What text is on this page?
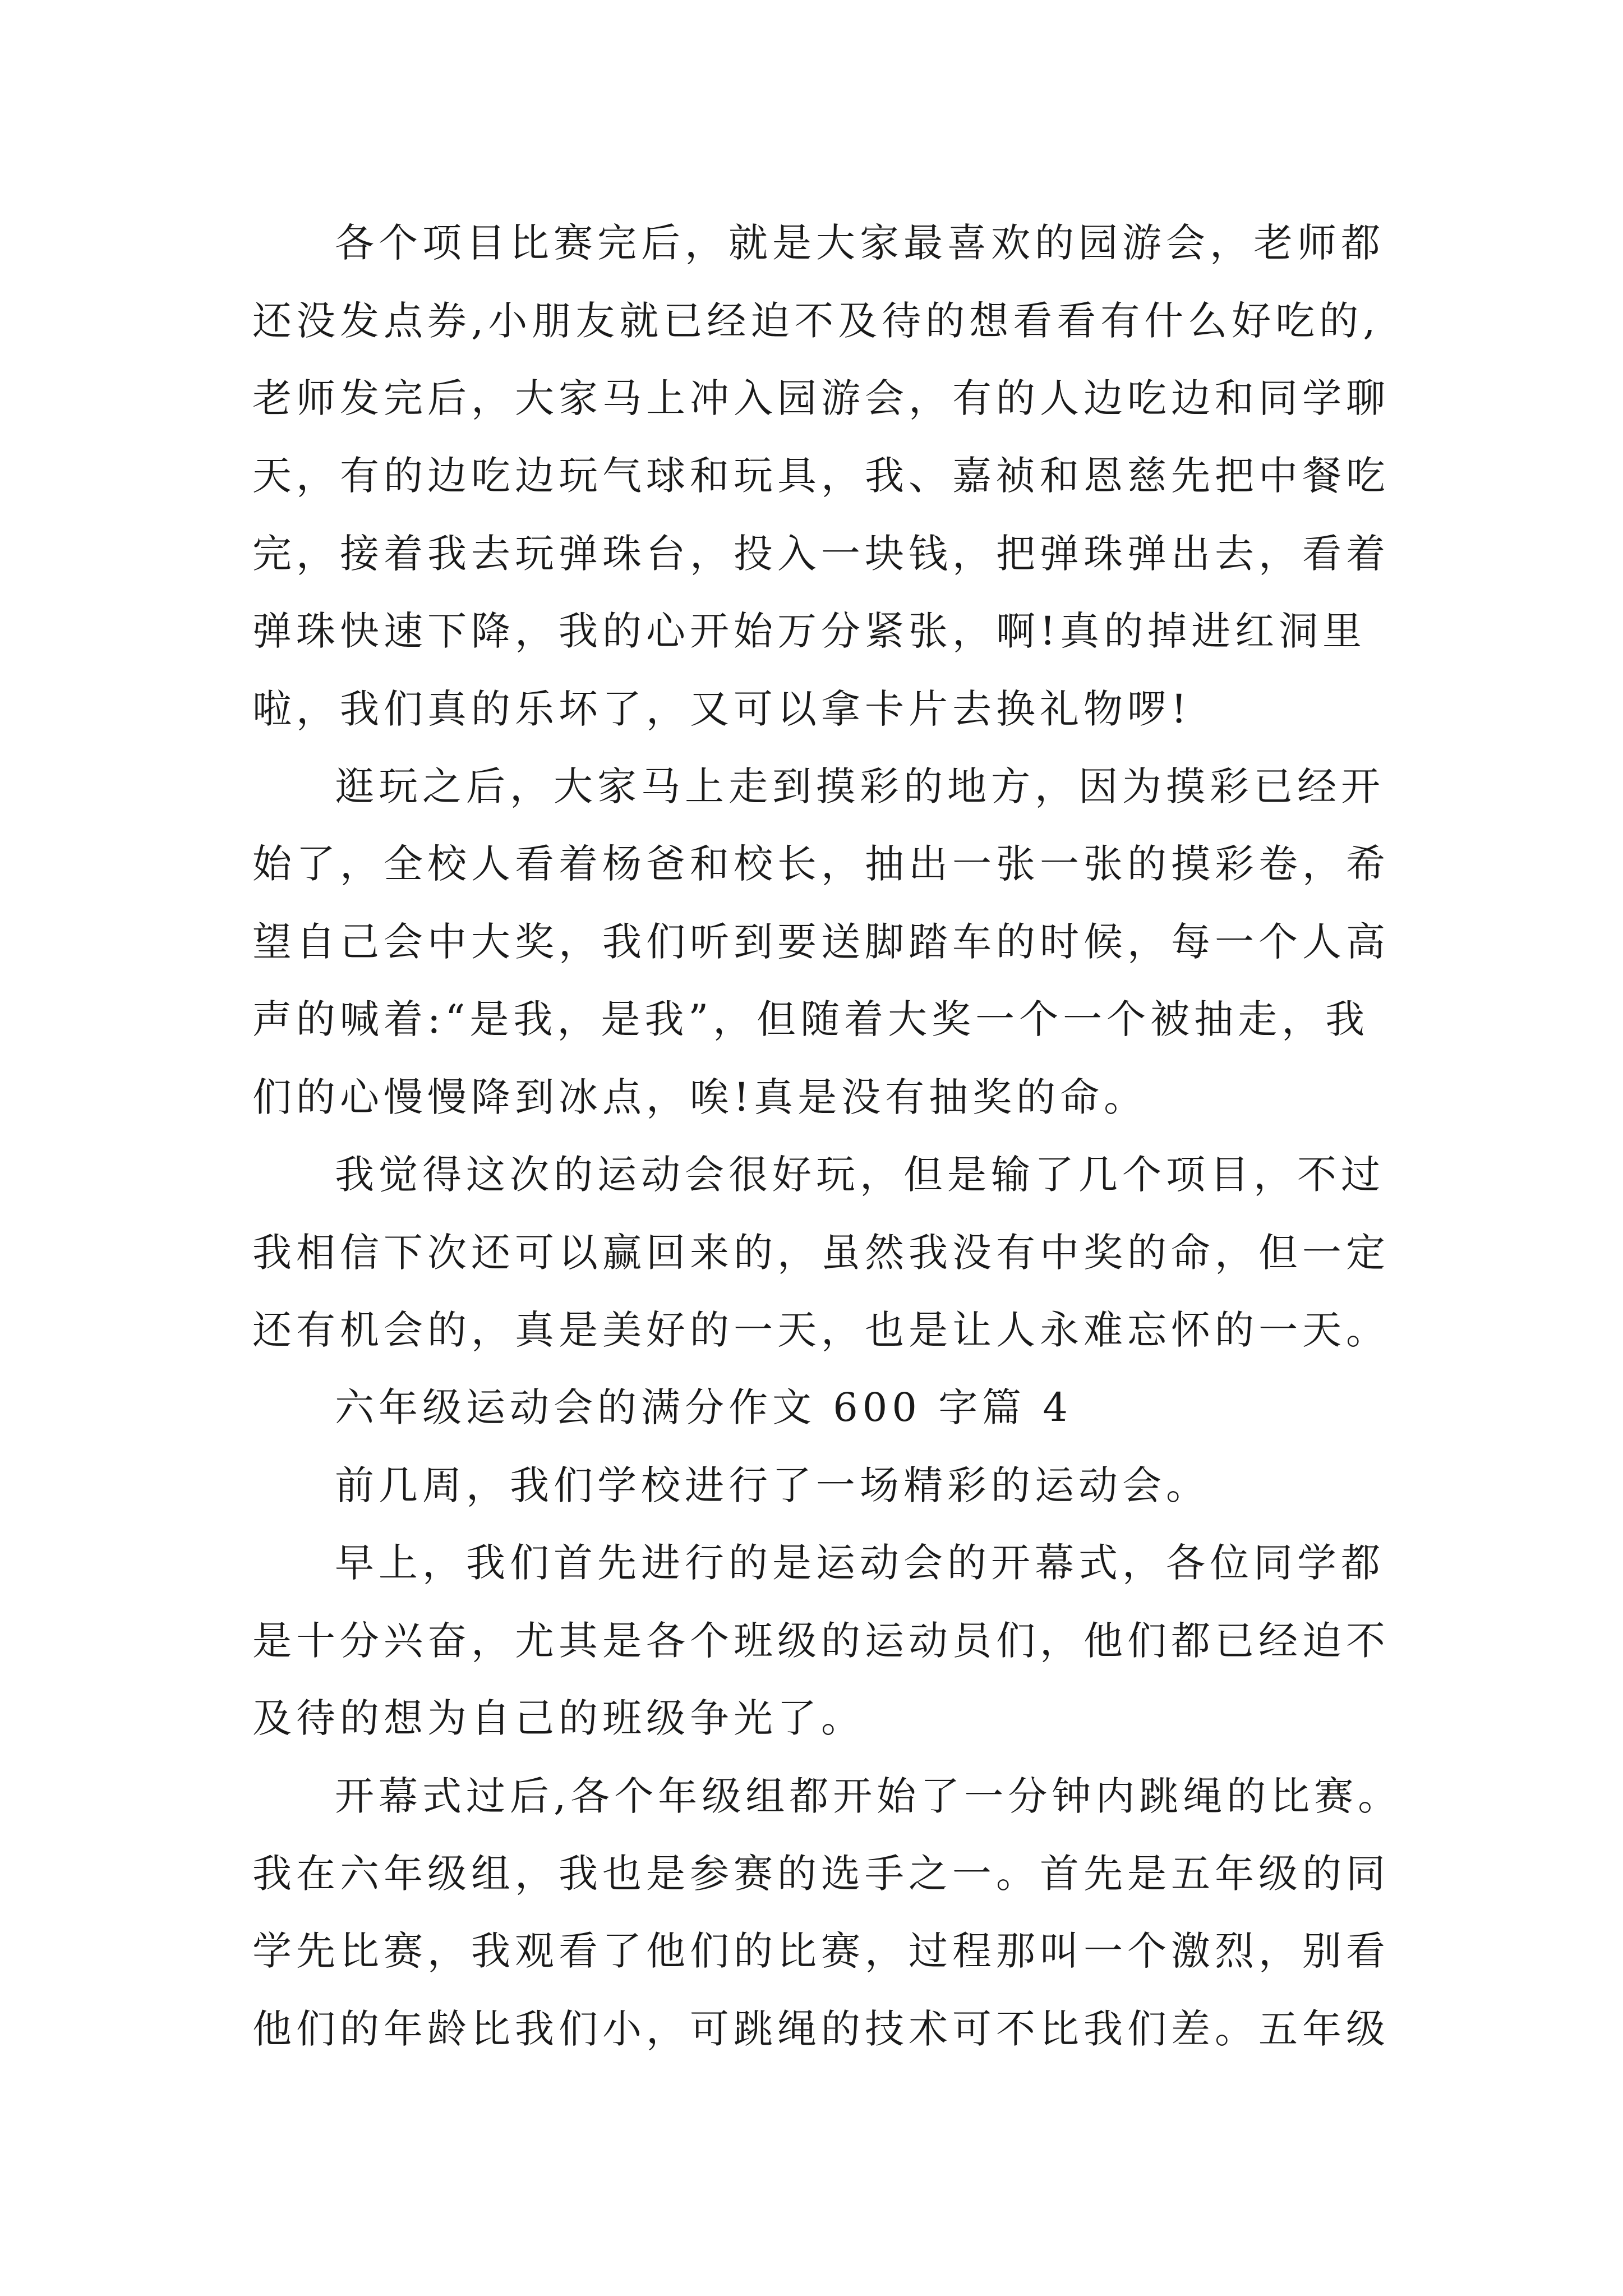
各个项目比赛完后，就是大家最喜欢的园游会，老师都
还没发点券,小朋友就已经迫不及待的想看看有什么好吃的,
老师发完后，大家马上冲入园游会，有的人边吃边和同学聊
天，有的边吃边玩气球和玩具，我、嘉祯和恩慈先把中餐吃
完，接着我去玩弹珠台，投入一块钱，把弹珠弹出去，看着
弹珠快速下降，我的心开始万分紧张，啊!真的掉进红洞里
啦，我们真的乐坏了，又可以拿卡片去换礼物啰!
逛玩之后，大家马上走到摸彩的地方，因为摸彩已经开
始了，全校人看着杨爸和校长，抽出一张一张的摸彩卷，希
望自己会中大奖，我们听到要送脚踏车的时候，每一个人高
声的喊着:“是我，是我”，但随着大奖一个一个被抽走，我
们的心慢慢降到冰点，唉!真是没有抽奖的命。
我觉得这次的运动会很好玩，但是输了几个项目，不过
我相信下次还可以赢回来的，虽然我没有中奖的命，但一定
还有机会的，真是美好的一天，也是让人永难忘怀的一天。
六年级运动会的满分作文 600 字篇 4
前几周，我们学校进行了一场精彩的运动会。
早上，我们首先进行的是运动会的开幕式，各位同学都
是十分兴奋，尤其是各个班级的运动员们，他们都已经迫不
及待的想为自己的班级争光了。
开幕式过后,各个年级组都开始了一分钟内跳绳的比赛。
我在六年级组，我也是参赛的选手之一。首先是五年级的同
学先比赛，我观看了他们的比赛，过程那叫一个激烈，别看
他们的年龄比我们小，可跳绳的技术可不比我们差。五年级
